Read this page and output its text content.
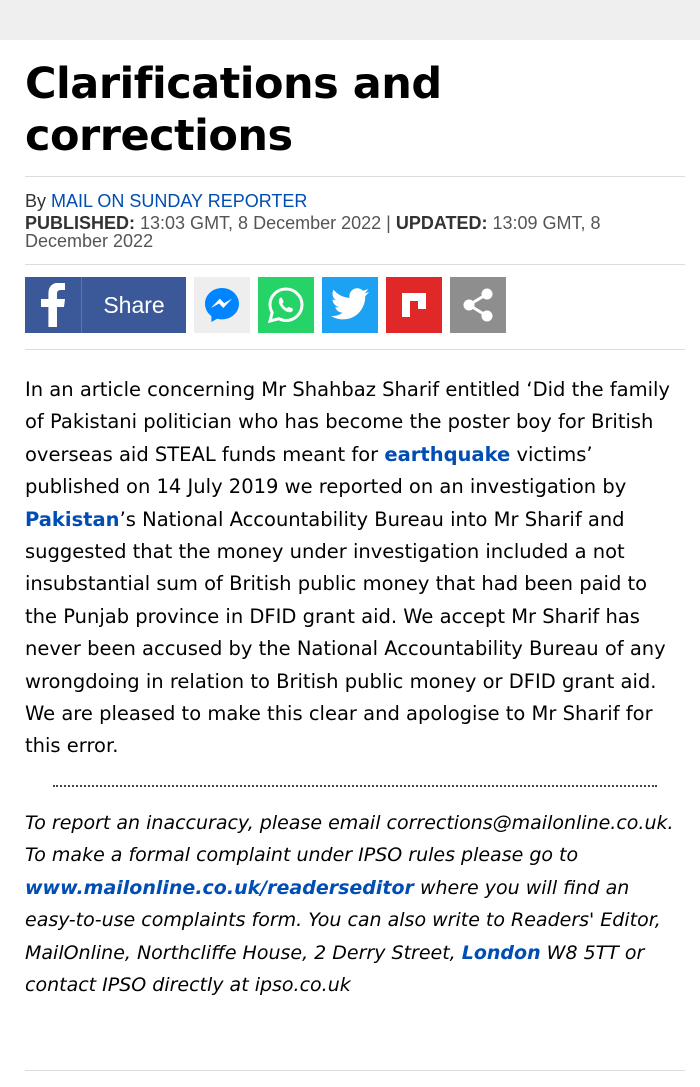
Clarifications and corrections
By MAIL ON SUNDAY REPORTER
PUBLISHED: 13:03 GMT, 8 December 2022 | UPDATED: 13:09 GMT, 8 December 2022
Share

In an article concerning Mr Shahbaz Sharif entitled ‘Did the family of Pakistani politician who has become the poster boy for British overseas aid STEAL funds meant for earthquake victims’ published on 14 July 2019 we reported on an investigation by Pakistan’s National Accountability Bureau into Mr Sharif and suggested that the money under investigation included a not insubstantial sum of British public money that had been paid to the Punjab province in DFID grant aid. We accept Mr Sharif has never been accused by the National Accountability Bureau of any wrongdoing in relation to British public money or DFID grant aid. We are pleased to make this clear and apologise to Mr Sharif for this error.

To report an inaccuracy, please email corrections@mailonline.co.uk. To make a formal complaint under IPSO rules please go to www.mailonline.co.uk/readerseditor where you will find an easy-to-use complaints form. You can also write to Readers' Editor, MailOnline, Northcliffe House, 2 Derry Street, London W8 5TT or contact IPSO directly at ipso.co.uk
